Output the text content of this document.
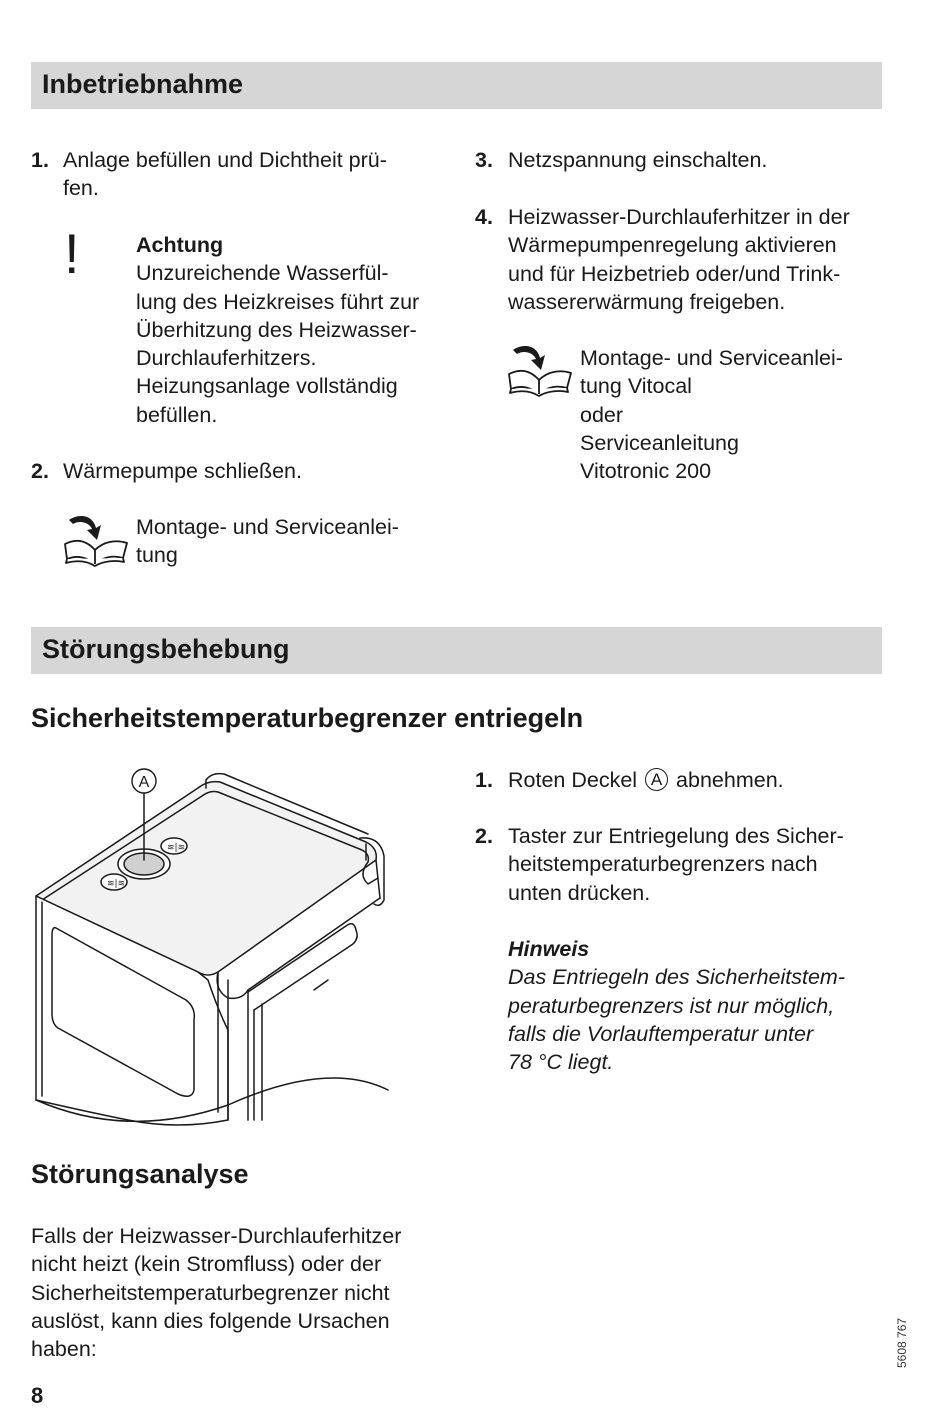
Inbetriebnahme
1. Anlage befüllen und Dichtheit prü-
fen.
!	Achtung
Unzureichende Wasserfül-
lung des Heizkreises führt zur
Überhitzung des Heizwasser-
Durchlauferhitzers.
Heizungsanlage vollständig
befüllen.
2. Wärmepumpe schließen.
Montage- und Serviceanlei-
tung
3. Netzspannung einschalten.
4. Heizwasser-Durchlauferhitzer in der
Wärmepumpenregelung aktivieren
und für Heizbetrieb oder/und Trink-
wassererwärmung freigeben.
Montage- und Serviceanlei-
tung Vitocal
oder
Serviceanleitung
Vitotronic 200
Störungsbehebung
Sicherheitstemperaturbegrenzer entriegeln
≋|≋
≋|≋
A	1. Roten Deckel A abnehmen.
2. Taster zur Entriegelung des Sicher-
heitstemperaturbegrenzers nach
unten drücken.
Hinweis
Das Entriegeln des Sicherheitstem-
peraturbegrenzers ist nur möglich,
falls die Vorlauftemperatur unter
78 °C liegt.
Störungsanalyse
Falls der Heizwasser-Durchlauferhitzer
nicht heizt (kein Stromfluss) oder der
Sicherheitstemperaturbegrenzer nicht
auslöst, kann dies folgende Ursachen
haben:	5608 767
8
